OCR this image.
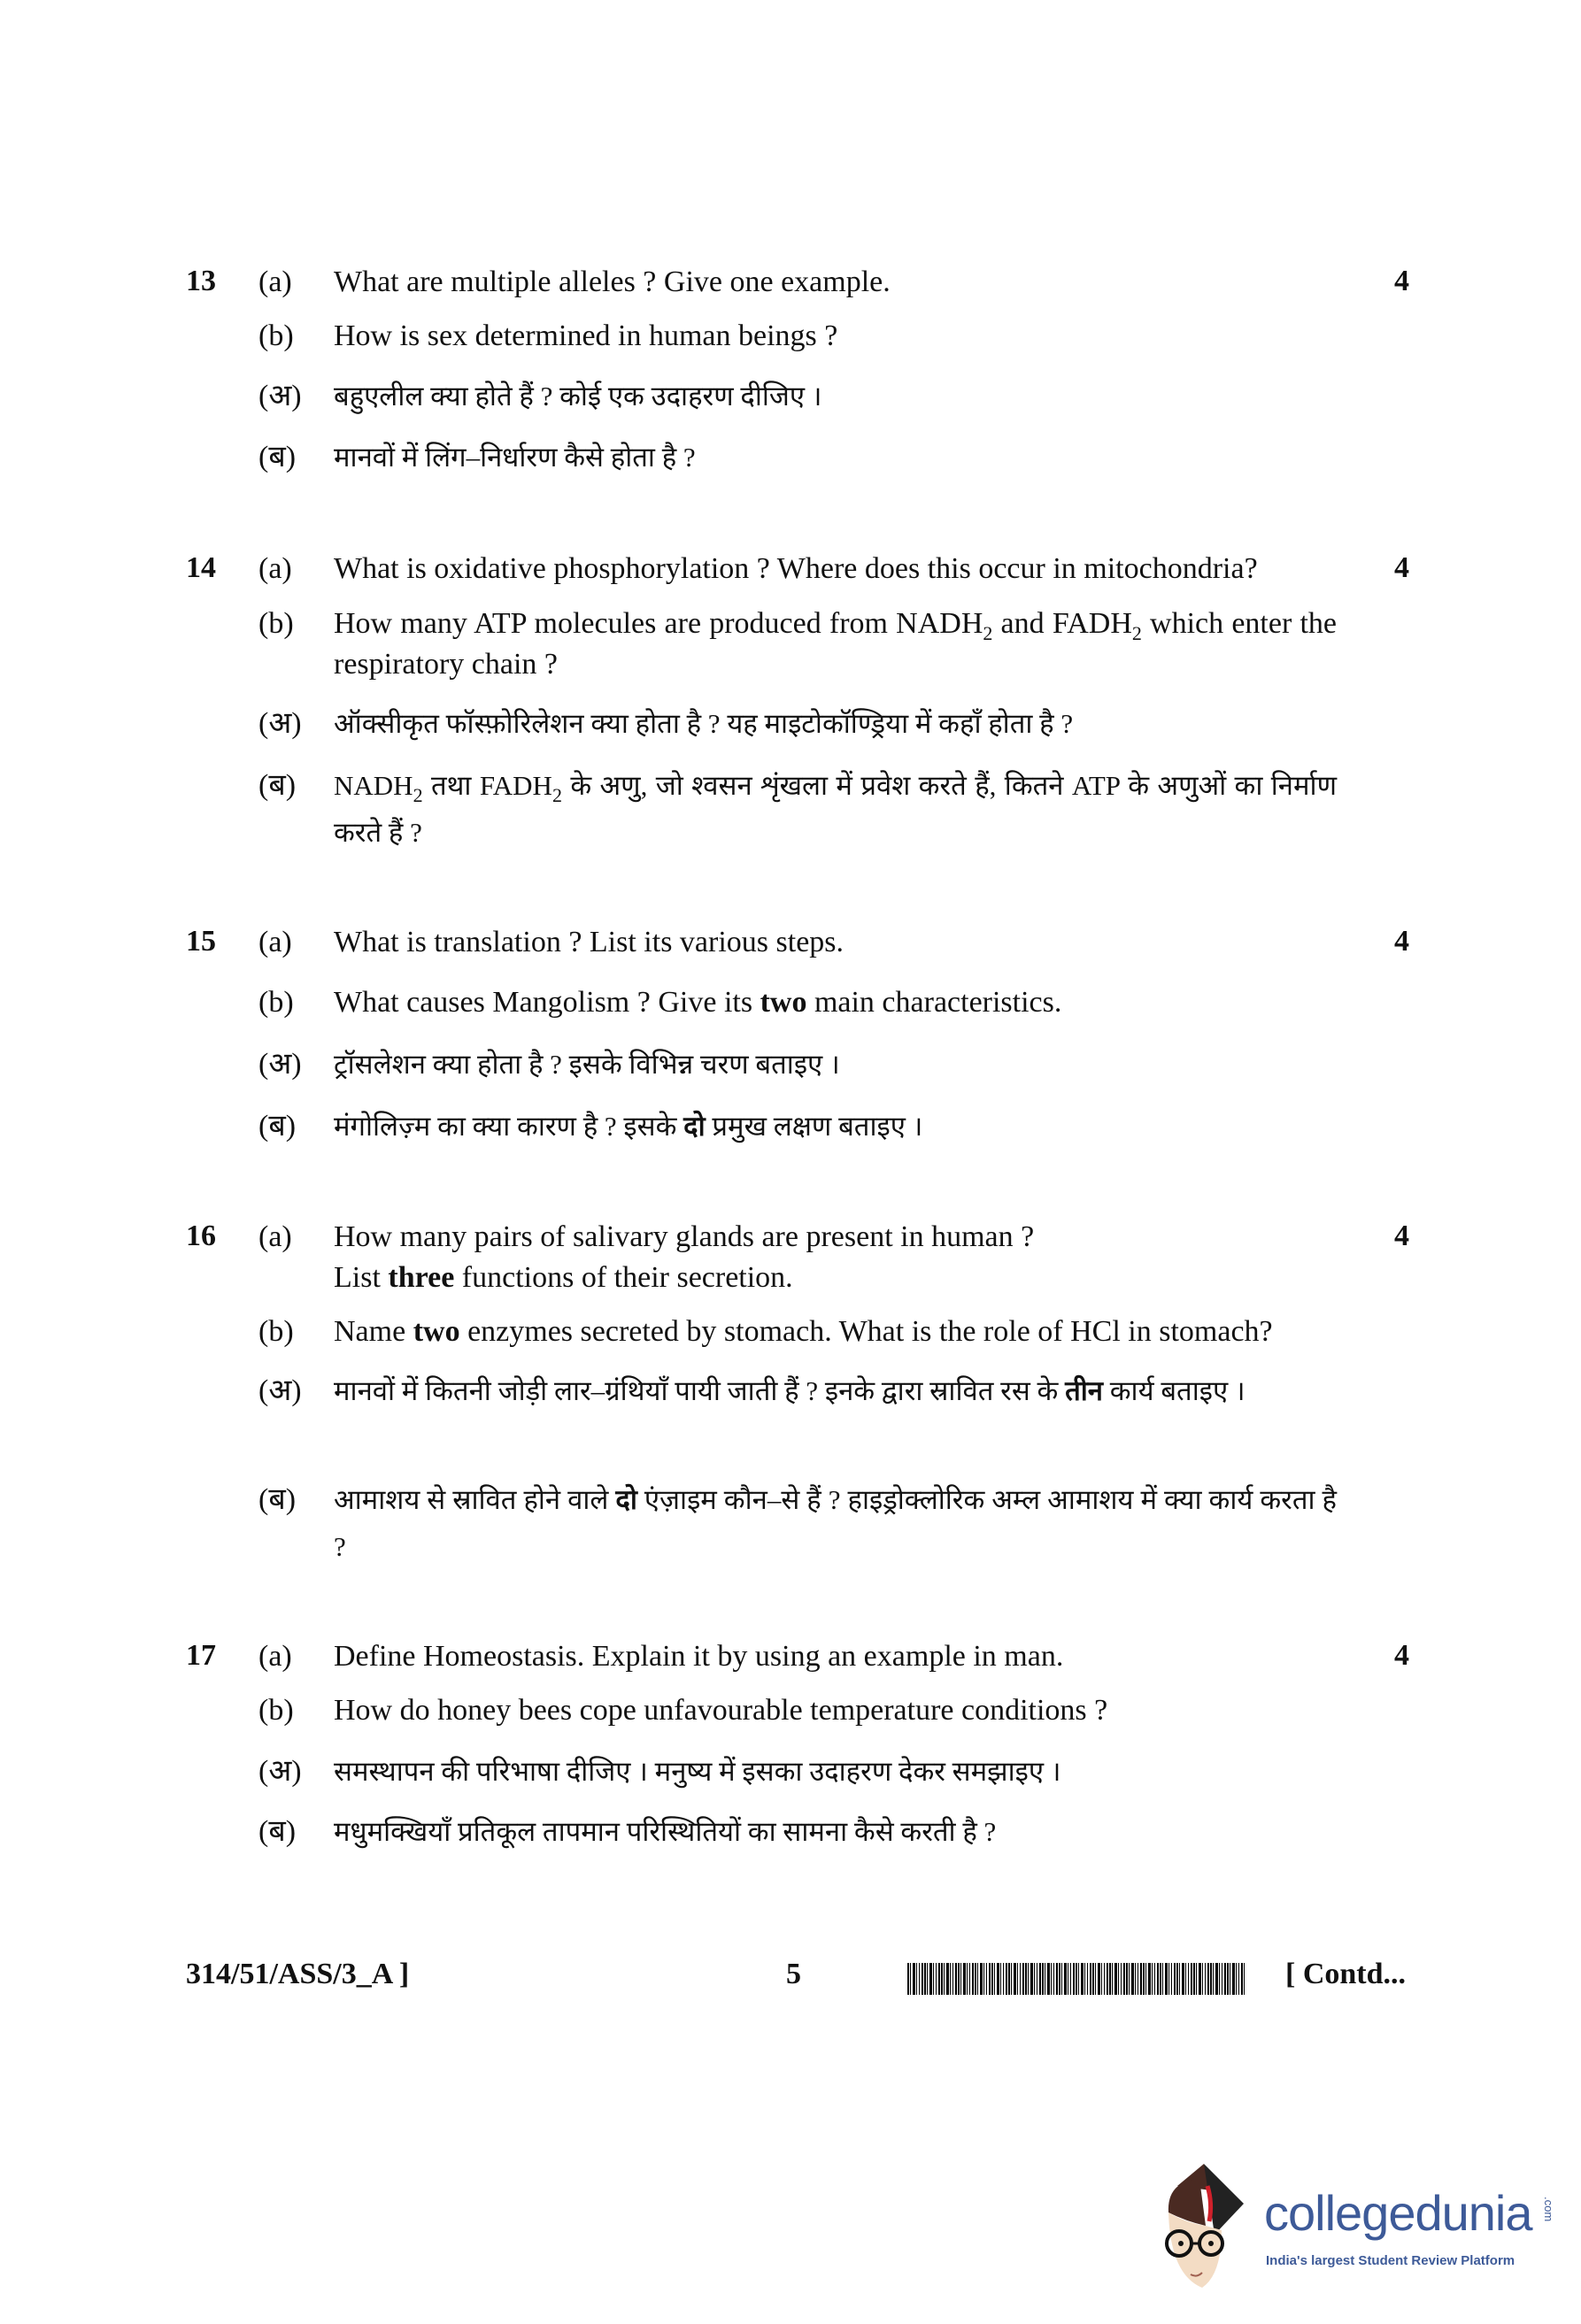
13	4
(a) What are multiple alleles ? Give one example.
(b) How is sex determined in human beings ?
(अ) बहुएलील क्या होते हैं ? कोई एक उदाहरण दीजिए ।
(ब) मानवों में लिंग–निर्धारण कैसे होता है ?
14	4
(a) What is oxidative phosphorylation ? Where does this occur in mitochondria?
(b) How many ATP molecules are produced from $NADH_2$ and $FADH_2$ which enter the respiratory chain ?
(अ) ऑक्सीकृत फॉस्फ़ोरिलेशन क्या होता है ? यह माइटोकॉण्ड्रिया में कहाँ होता है ?
(ब) $NADH_2$ तथा $FADH_2$ के अणु, जो श्वसन शृंखला में प्रवेश करते हैं, कितने ATP के अणुओं का निर्माण करते हैं ?
15	4
(a) What is translation ? List its various steps.
(b) What causes Mangolism ? Give its two main characteristics.
(अ) ट्रॉसलेशन क्या होता है ? इसके विभिन्न चरण बताइए ।
(ब) मंगोलिज़्म का क्या कारण है ? इसके दो प्रमुख लक्षण बताइए ।
16	4
(a) How many pairs of salivary glands are present in human ?
List three functions of their secretion.
(b) Name two enzymes secreted by stomach. What is the role of HCl in stomach?
(अ) मानवों में कितनी जोड़ी लार–ग्रंथियाँ पायी जाती हैं ? इनके द्वारा स्रावित रस के तीन कार्य बताइए ।
(ब) आमाशय से स्रावित होने वाले दो एंज़ाइम कौन–से हैं ? हाइड्रोक्लोरिक अम्ल आमाशय में क्या कार्य करता है ?
17	4
(a) Define Homeostasis. Explain it by using an example in man.
(b) How do honey bees cope unfavourable temperature conditions ?
(अ) समस्थापन की परिभाषा दीजिए । मनुष्य में इसका उदाहरण देकर समझाइए ।
(ब) मधुमक्खियाँ प्रतिकूल तापमान परिस्थितियों का सामना कैसे करती है ?
314/51/ASS/3_A ]	5	[ Contd...
collegedunia .com
India's largest Student Review Platform
